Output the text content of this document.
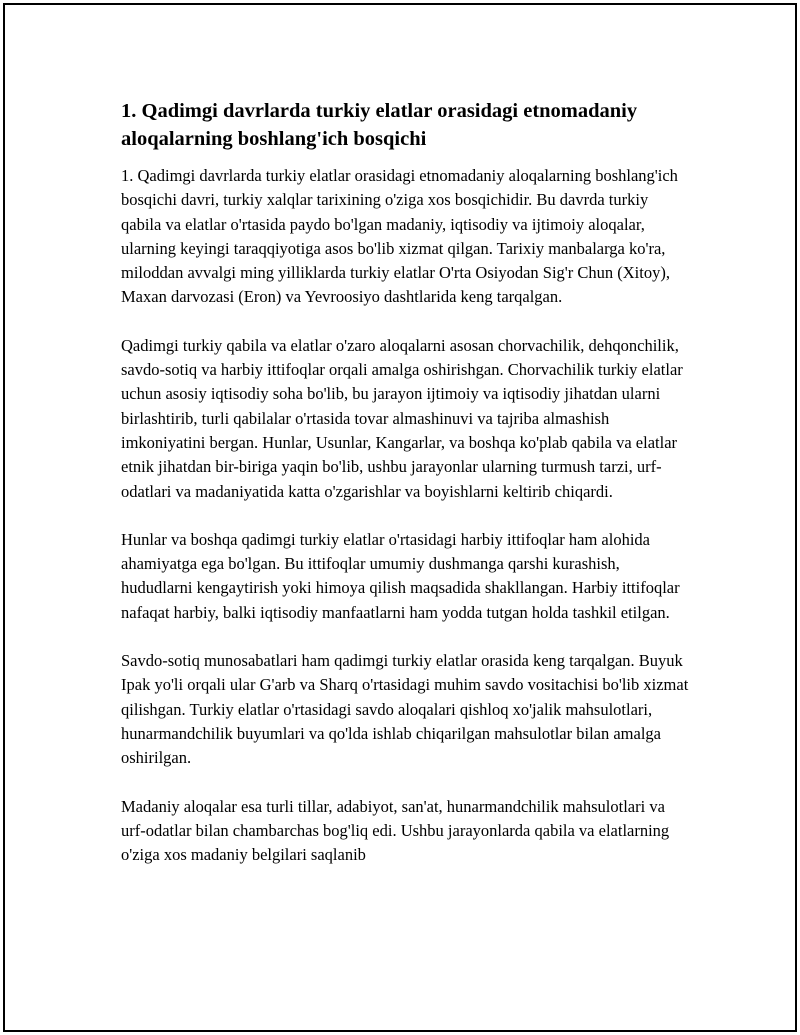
1. Qadimgi davrlarda turkiy elatlar orasidagi etnomadaniy aloqalarning boshlang'ich bosqichi

1. Qadimgi davrlarda turkiy elatlar orasidagi etnomadaniy aloqalarning boshlang'ich bosqichi davri, turkiy xalqlar tarixining o'ziga xos bosqichidir. Bu davrda turkiy qabila va elatlar o'rtasida paydo bo'lgan madaniy, iqtisodiy va ijtimoiy aloqalar, ularning keyingi taraqqiyotiga asos bo'lib xizmat qilgan. Tarixiy manbalarga ko'ra, miloddan avvalgi ming yilliklarda turkiy elatlar O'rta Osiyodan Sig'r Chun (Xitoy), Maxan darvozasi (Eron) va Yevroosiyo dashtlarida keng tarqalgan.

Qadimgi turkiy qabila va elatlar o'zaro aloqalarni asosan chorvachilik, dehqonchilik, savdo-sotiq va harbiy ittifoqlar orqali amalga oshirishgan. Chorvachilik turkiy elatlar uchun asosiy iqtisodiy soha bo'lib, bu jarayon ijtimoiy va iqtisodiy jihatdan ularni birlashtirib, turli qabilalar o'rtasida tovar almashinuvi va tajriba almashish imkoniyatini bergan. Hunlar, Usunlar, Kangarlar, va boshqa ko'plab qabila va elatlar etnik jihatdan bir-biriga yaqin bo'lib, ushbu jarayonlar ularning turmush tarzi, urf-odatlari va madaniyatida katta o'zgarishlar va boyishlarni keltirib chiqardi.

Hunlar va boshqa qadimgi turkiy elatlar o'rtasidagi harbiy ittifoqlar ham alohida ahamiyatga ega bo'lgan. Bu ittifoqlar umumiy dushmanga qarshi kurashish, hududlarni kengaytirish yoki himoya qilish maqsadida shakllangan. Harbiy ittifoqlar nafaqat harbiy, balki iqtisodiy manfaatlarni ham yodda tutgan holda tashkil etilgan.

Savdo-sotiq munosabatlari ham qadimgi turkiy elatlar orasida keng tarqalgan. Buyuk Ipak yo'li orqali ular G'arb va Sharq o'rtasidagi muhim savdo vositachisi bo'lib xizmat qilishgan. Turkiy elatlar o'rtasidagi savdo aloqalari qishloq xo'jalik mahsulotlari, hunarmandchilik buyumlari va qo'lda ishlab chiqarilgan mahsulotlar bilan amalga oshirilgan.

Madaniy aloqalar esa turli tillar, adabiyot, san'at, hunarmandchilik mahsulotlari va urf-odatlar bilan chambarchas bog'liq edi. Ushbu jarayonlarda qabila va elatlarning o'ziga xos madaniy belgilari saqlanib
